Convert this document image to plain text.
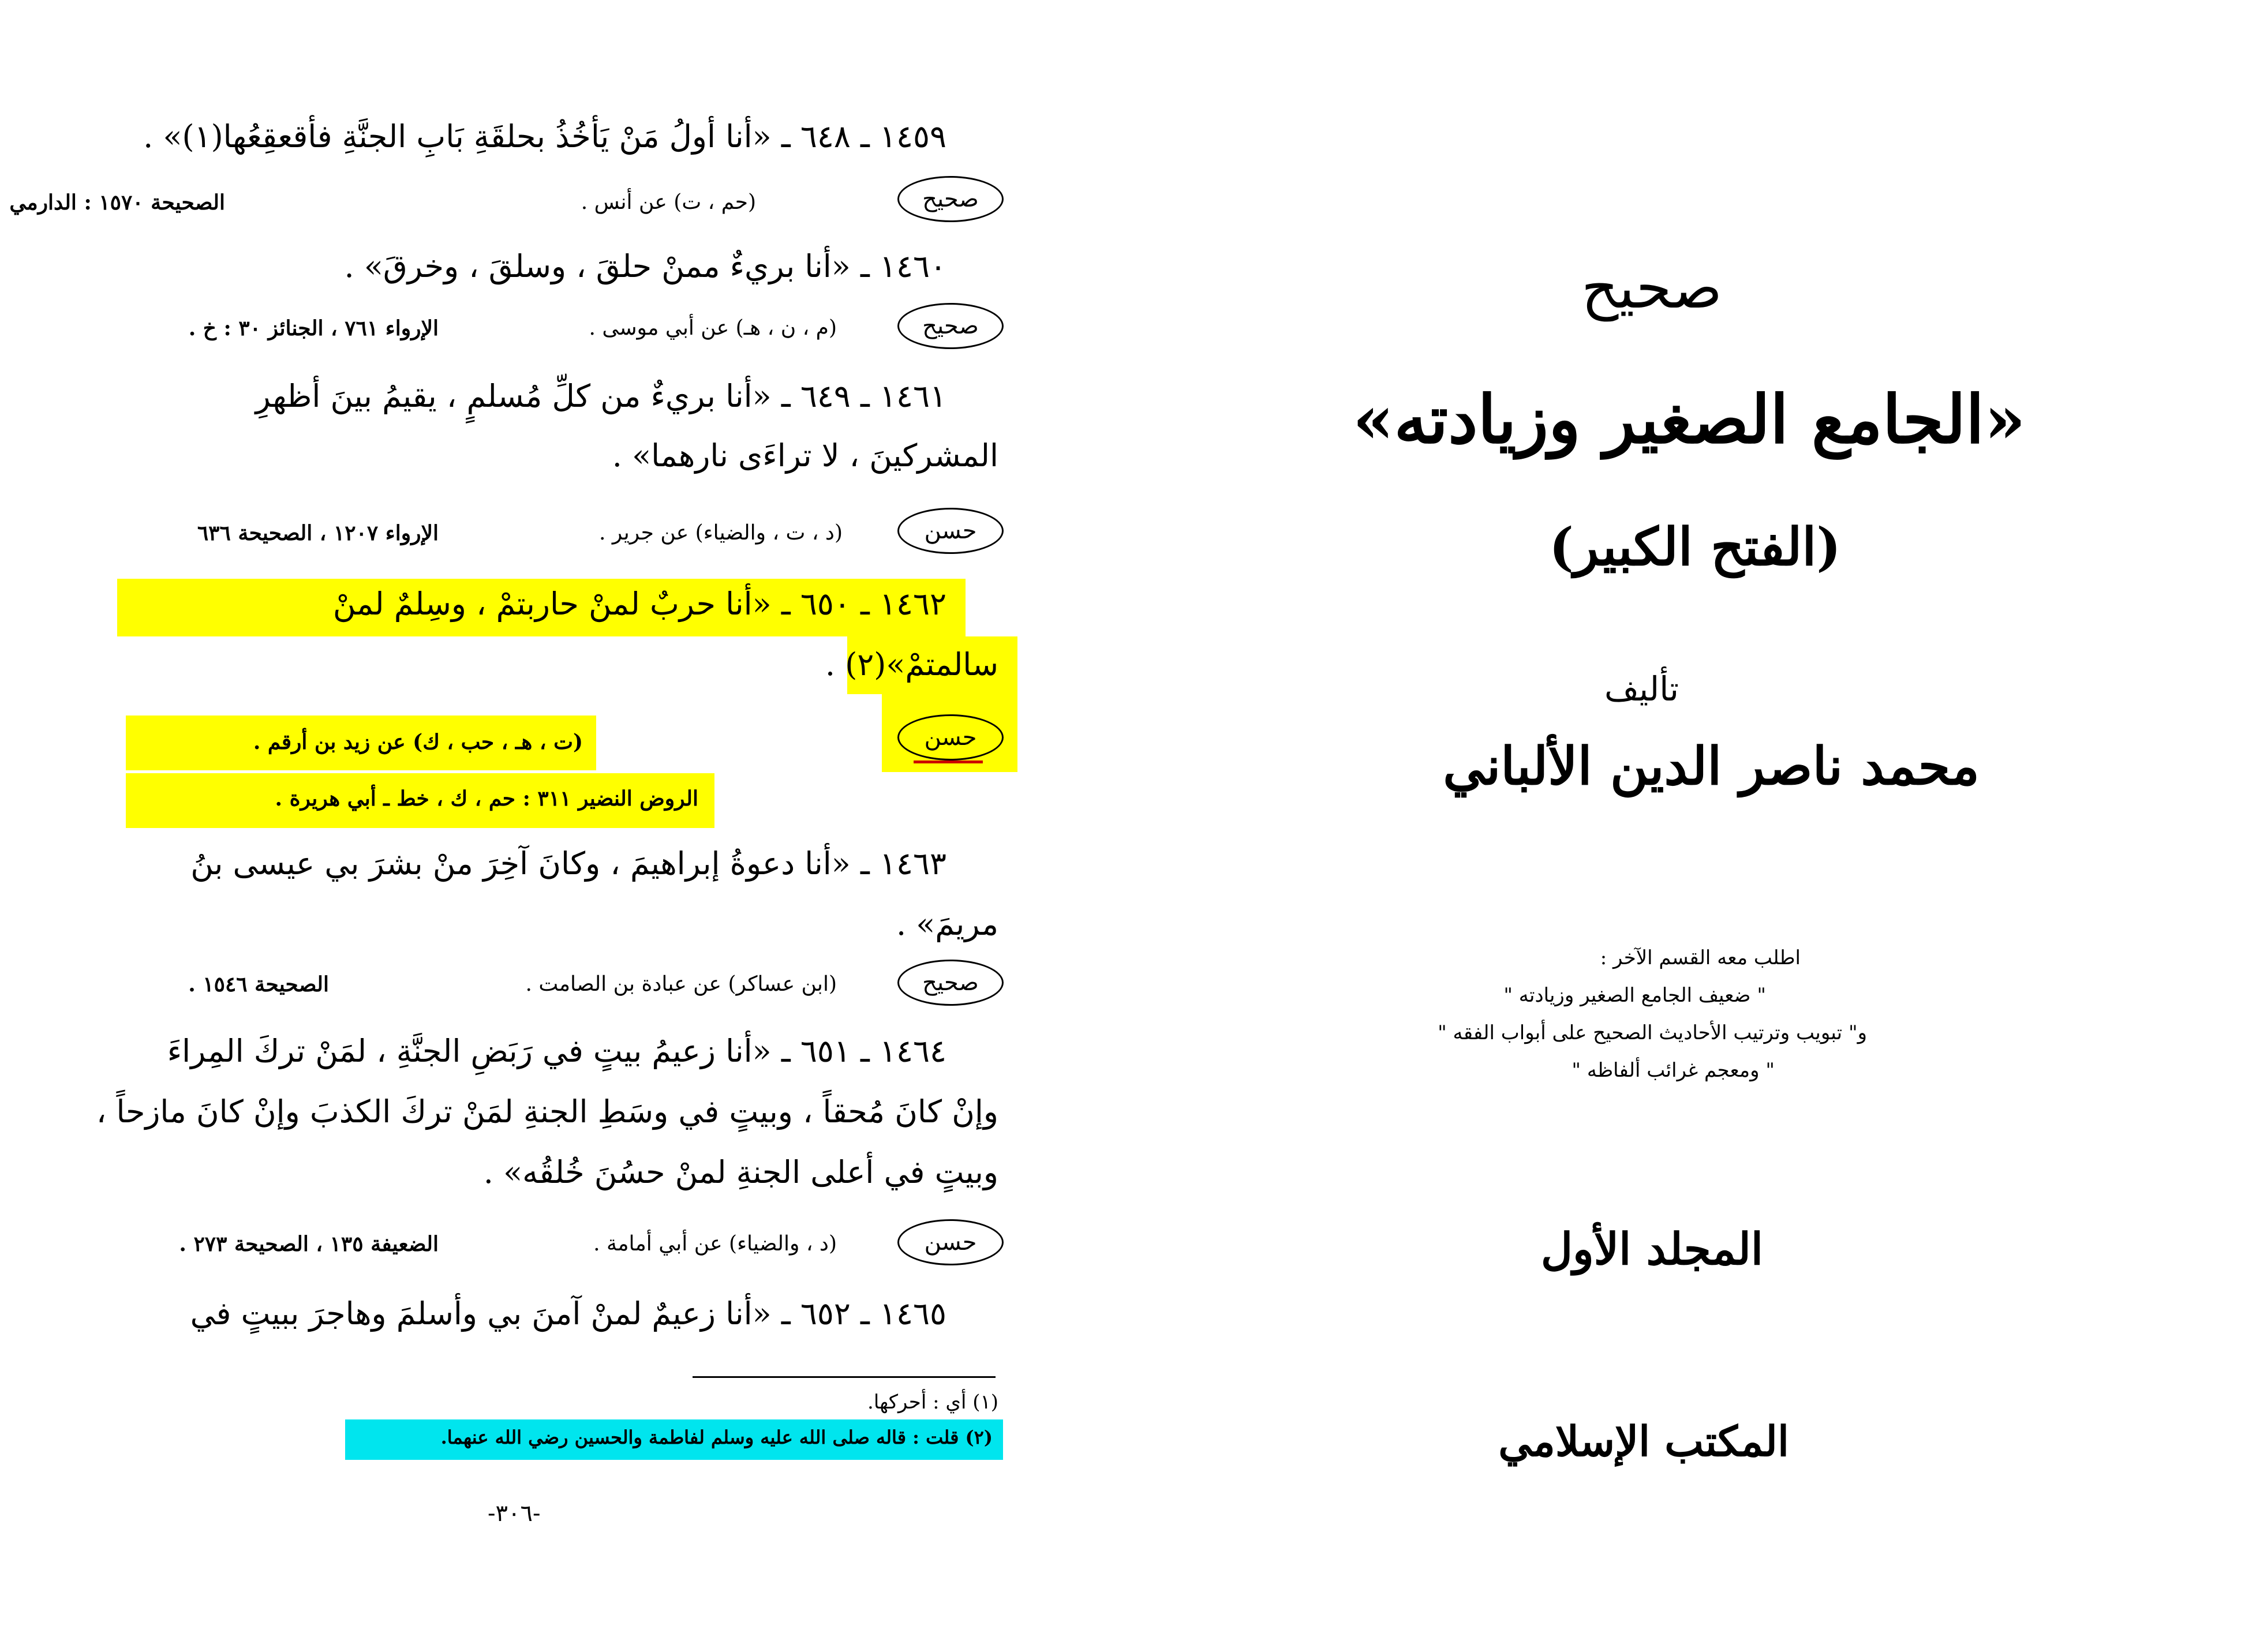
١٤٥٩ ـ ٦٤٨ ـ «أنا أولُ مَنْ يَأخُذُ بحلقَةِ بَابِ الجنَّةِ فأقعقِعُها(١)» .
صحيح
(حم ، ت) عن أنس .
الصحيحة ١٥٧٠ : الدارمي
١٤٦٠ ـ «أنا بريءٌ ممنْ حلقَ ، وسلقَ ، وخرقَ» .
صحيح
(م ، ن ، هـ) عن أبي موسى .
الإرواء ٧٦١ ، الجنائز ٣٠ : خ .
١٤٦١ ـ ٦٤٩ ـ «أنا بريءٌ من كلِّ مُسلمٍ ، يقيمُ بينَ أظهرِ
المشركينَ ، لا تراءَى نارهما» .
حسن
(د ، ت ، والضياء) عن جرير .
الإرواء ١٢٠٧ ، الصحيحة ٦٣٦
١٤٦٢ ـ ٦٥٠ ـ «أنا حربٌ لمنْ حاربتمْ ، وسِلمٌ لمنْ
سالمتمْ»(٢) .
حسن
(ت ، هـ ، حب ، ك) عن زيد بن أرقم .
الروض النضير ٣١١ : حم ، ك ، خط ـ أبي هريرة .
١٤٦٣ ـ «أنا دعوةُ إبراهيمَ ، وكانَ آخِرَ منْ بشرَ بي عيسى بنُ
مريمَ» .
صحيح
(ابن عساكر) عن عبادة بن الصامت .
الصحيحة ١٥٤٦ .
١٤٦٤ ـ ٦٥١ ـ «أنا زعيمُ بيتٍ في رَبَضِ الجنَّةِ ، لمَنْ تركَ المِراءَ
وإنْ كانَ مُحقاً ، وبيتٍ في وسَطِ الجنةِ لمَنْ تركَ الكذبَ وإنْ كانَ مازحاً ،
وبيتٍ في أعلى الجنةِ لمنْ حسُنَ خُلقُه» .
حسن
(د ، والضياء) عن أبي أمامة .
الضعيفة ١٣٥ ، الصحيحة ٢٧٣ .
١٤٦٥ ـ ٦٥٢ ـ «أنا زعيمٌ لمنْ آمنَ بي وأسلمَ وهاجرَ ببيتٍ في
(١) أي : أحركها.
(٢) قلت : قاله صلى الله عليه وسلم لفاطمة والحسين رضي الله عنهما.
-٣٠٦-
صحيح
«الجامع الصغير وزيادته»
(الفتح الكبير)
تأليف
محمد ناصر الدين الألباني
اطلب معه القسم الآخر :
" ضعيف الجامع الصغير وزيادته "
و" تبويب وترتيب الأحاديث الصحيح على أبواب الفقه "
" ومعجم غرائب ألفاظه "
المجلد الأول
المكتب الإسلامي
